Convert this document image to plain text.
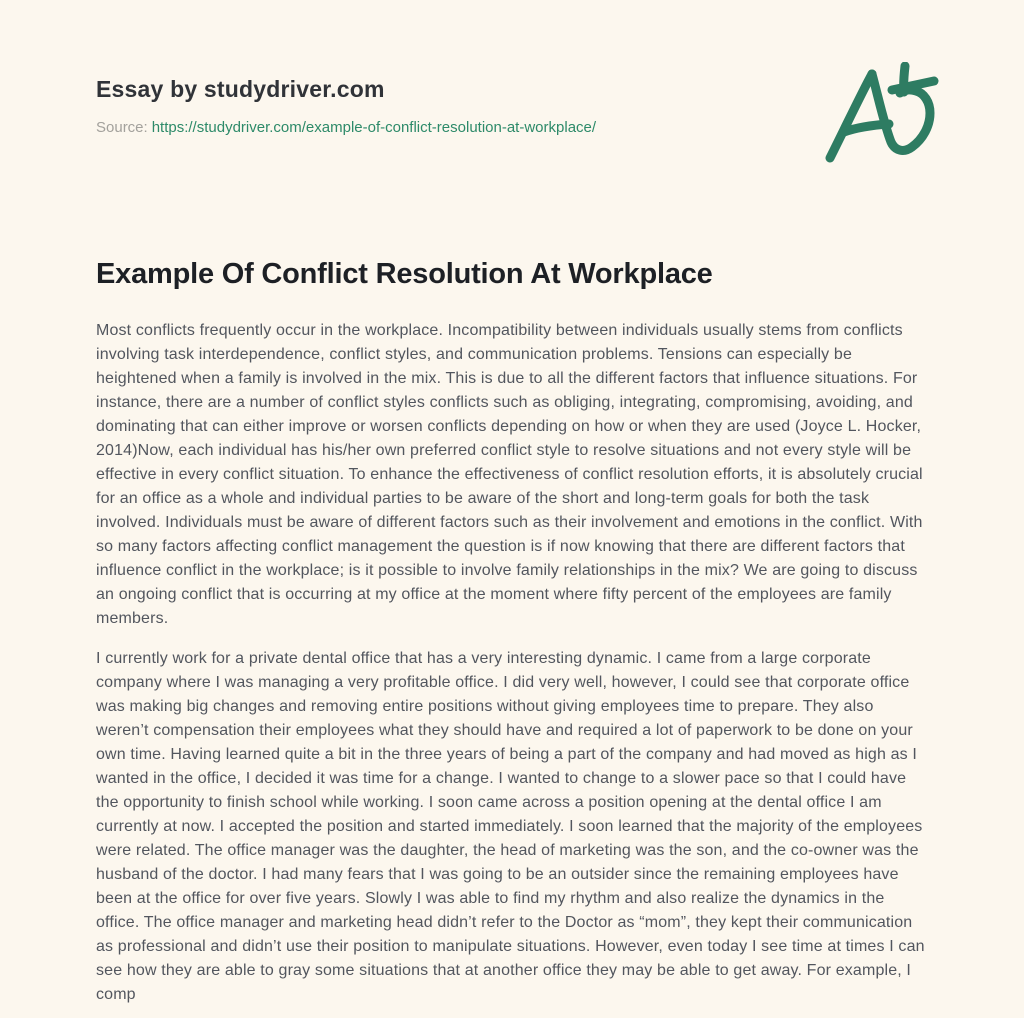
Essay by studydriver.com
Source: https://studydriver.com/example-of-conflict-resolution-at-workplace/
Example Of Conflict Resolution At Workplace

Most conflicts frequently occur in the workplace. Incompatibility between individuals usually stems from conflicts involving task interdependence, conflict styles, and communication problems. Tensions can especially be heightened when a family is involved in the mix. This is due to all the different factors that influence situations. For instance, there are a number of conflict styles conflicts such as obliging, integrating, compromising, avoiding, and dominating that can either improve or worsen conflicts depending on how or when they are used (Joyce L. Hocker, 2014)Now, each individual has his/her own preferred conflict style to resolve situations and not every style will be effective in every conflict situation. To enhance the effectiveness of conflict resolution efforts, it is absolutely crucial for an office as a whole and individual parties to be aware of the short and long-term goals for both the task involved. Individuals must be aware of different factors such as their involvement and emotions in the conflict. With so many factors affecting conflict management the question is if now knowing that there are different factors that influence conflict in the workplace; is it possible to involve family relationships in the mix? We are going to discuss an ongoing conflict that is occurring at my office at the moment where fifty percent of the employees are family members.

I currently work for a private dental office that has a very interesting dynamic. I came from a large corporate company where I was managing a very profitable office. I did very well, however, I could see that corporate office was making big changes and removing entire positions without giving employees time to prepare. They also weren’t compensation their employees what they should have and required a lot of paperwork to be done on your own time. Having learned quite a bit in the three years of being a part of the company and had moved as high as I wanted in the office, I decided it was time for a change. I wanted to change to a slower pace so that I could have the opportunity to finish school while working. I soon came across a position opening at the dental office I am currently at now. I accepted the position and started immediately. I soon learned that the majority of the employees were related. The office manager was the daughter, the head of marketing was the son, and the co-owner was the husband of the doctor. I had many fears that I was going to be an outsider since the remaining employees have been at the office for over five years. Slowly I was able to find my rhythm and also realize the dynamics in the office. The office manager and marketing head didn’t refer to the Doctor as “mom”, they kept their communication as professional and didn’t use their position to manipulate situations. However, even today I see time at times I can see how they are able to gray some situations that at another office they may be able to get away. For example, I comp
